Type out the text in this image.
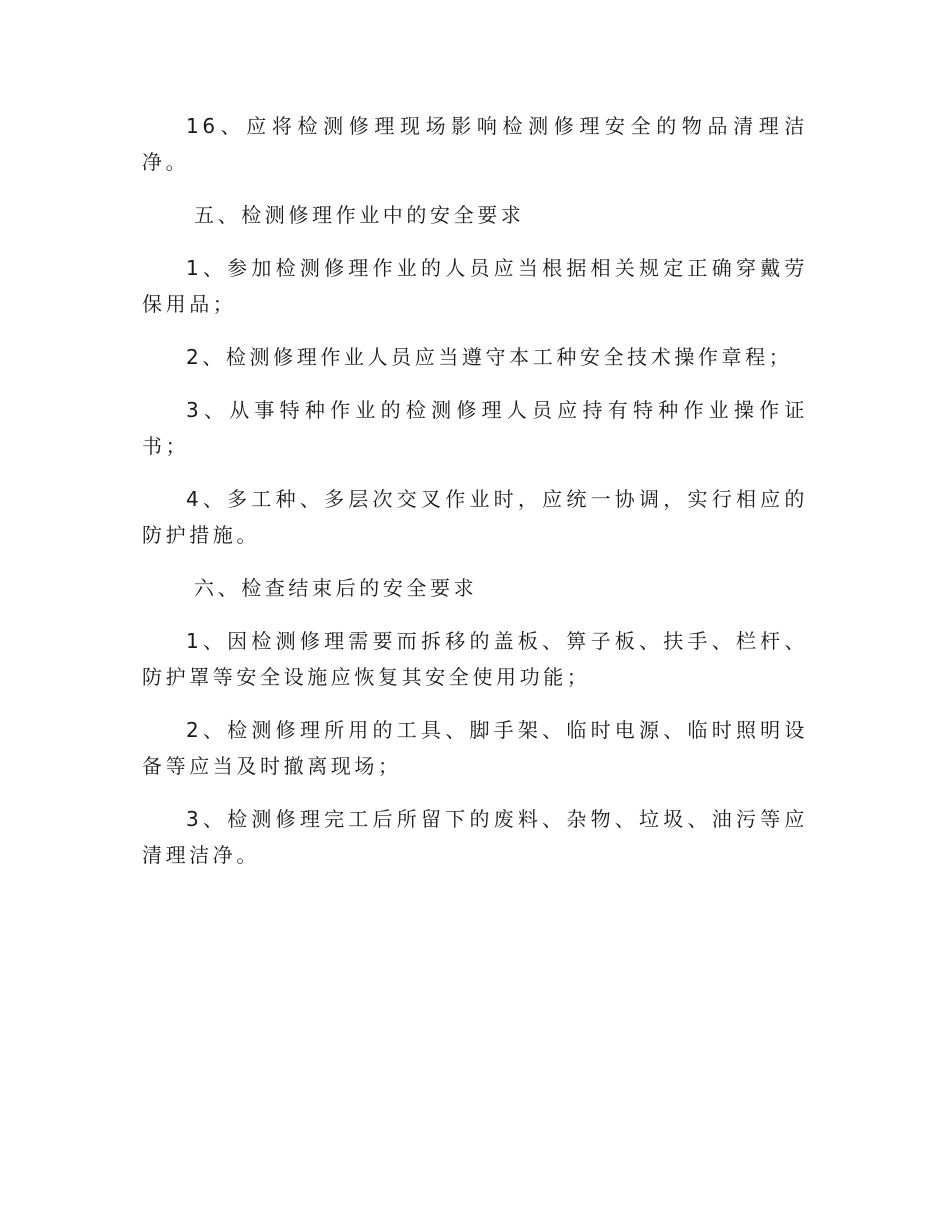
16、应将检测修理现场影响检测修理安全的物品清理洁净。

五、检测修理作业中的安全要求

1、参加检测修理作业的人员应当根据相关规定正确穿戴劳保用品；

2、检测修理作业人员应当遵守本工种安全技术操作章程；

3、从事特种作业的检测修理人员应持有特种作业操作证书；

4、多工种、多层次交叉作业时，应统一协调，实行相应的防护措施。

六、检查结束后的安全要求

1、因检测修理需要而拆移的盖板、箅子板、扶手、栏杆、防护罩等安全设施应恢复其安全使用功能；

2、检测修理所用的工具、脚手架、临时电源、临时照明设备等应当及时撤离现场；

3、检测修理完工后所留下的废料、杂物、垃圾、油污等应清理洁净。
